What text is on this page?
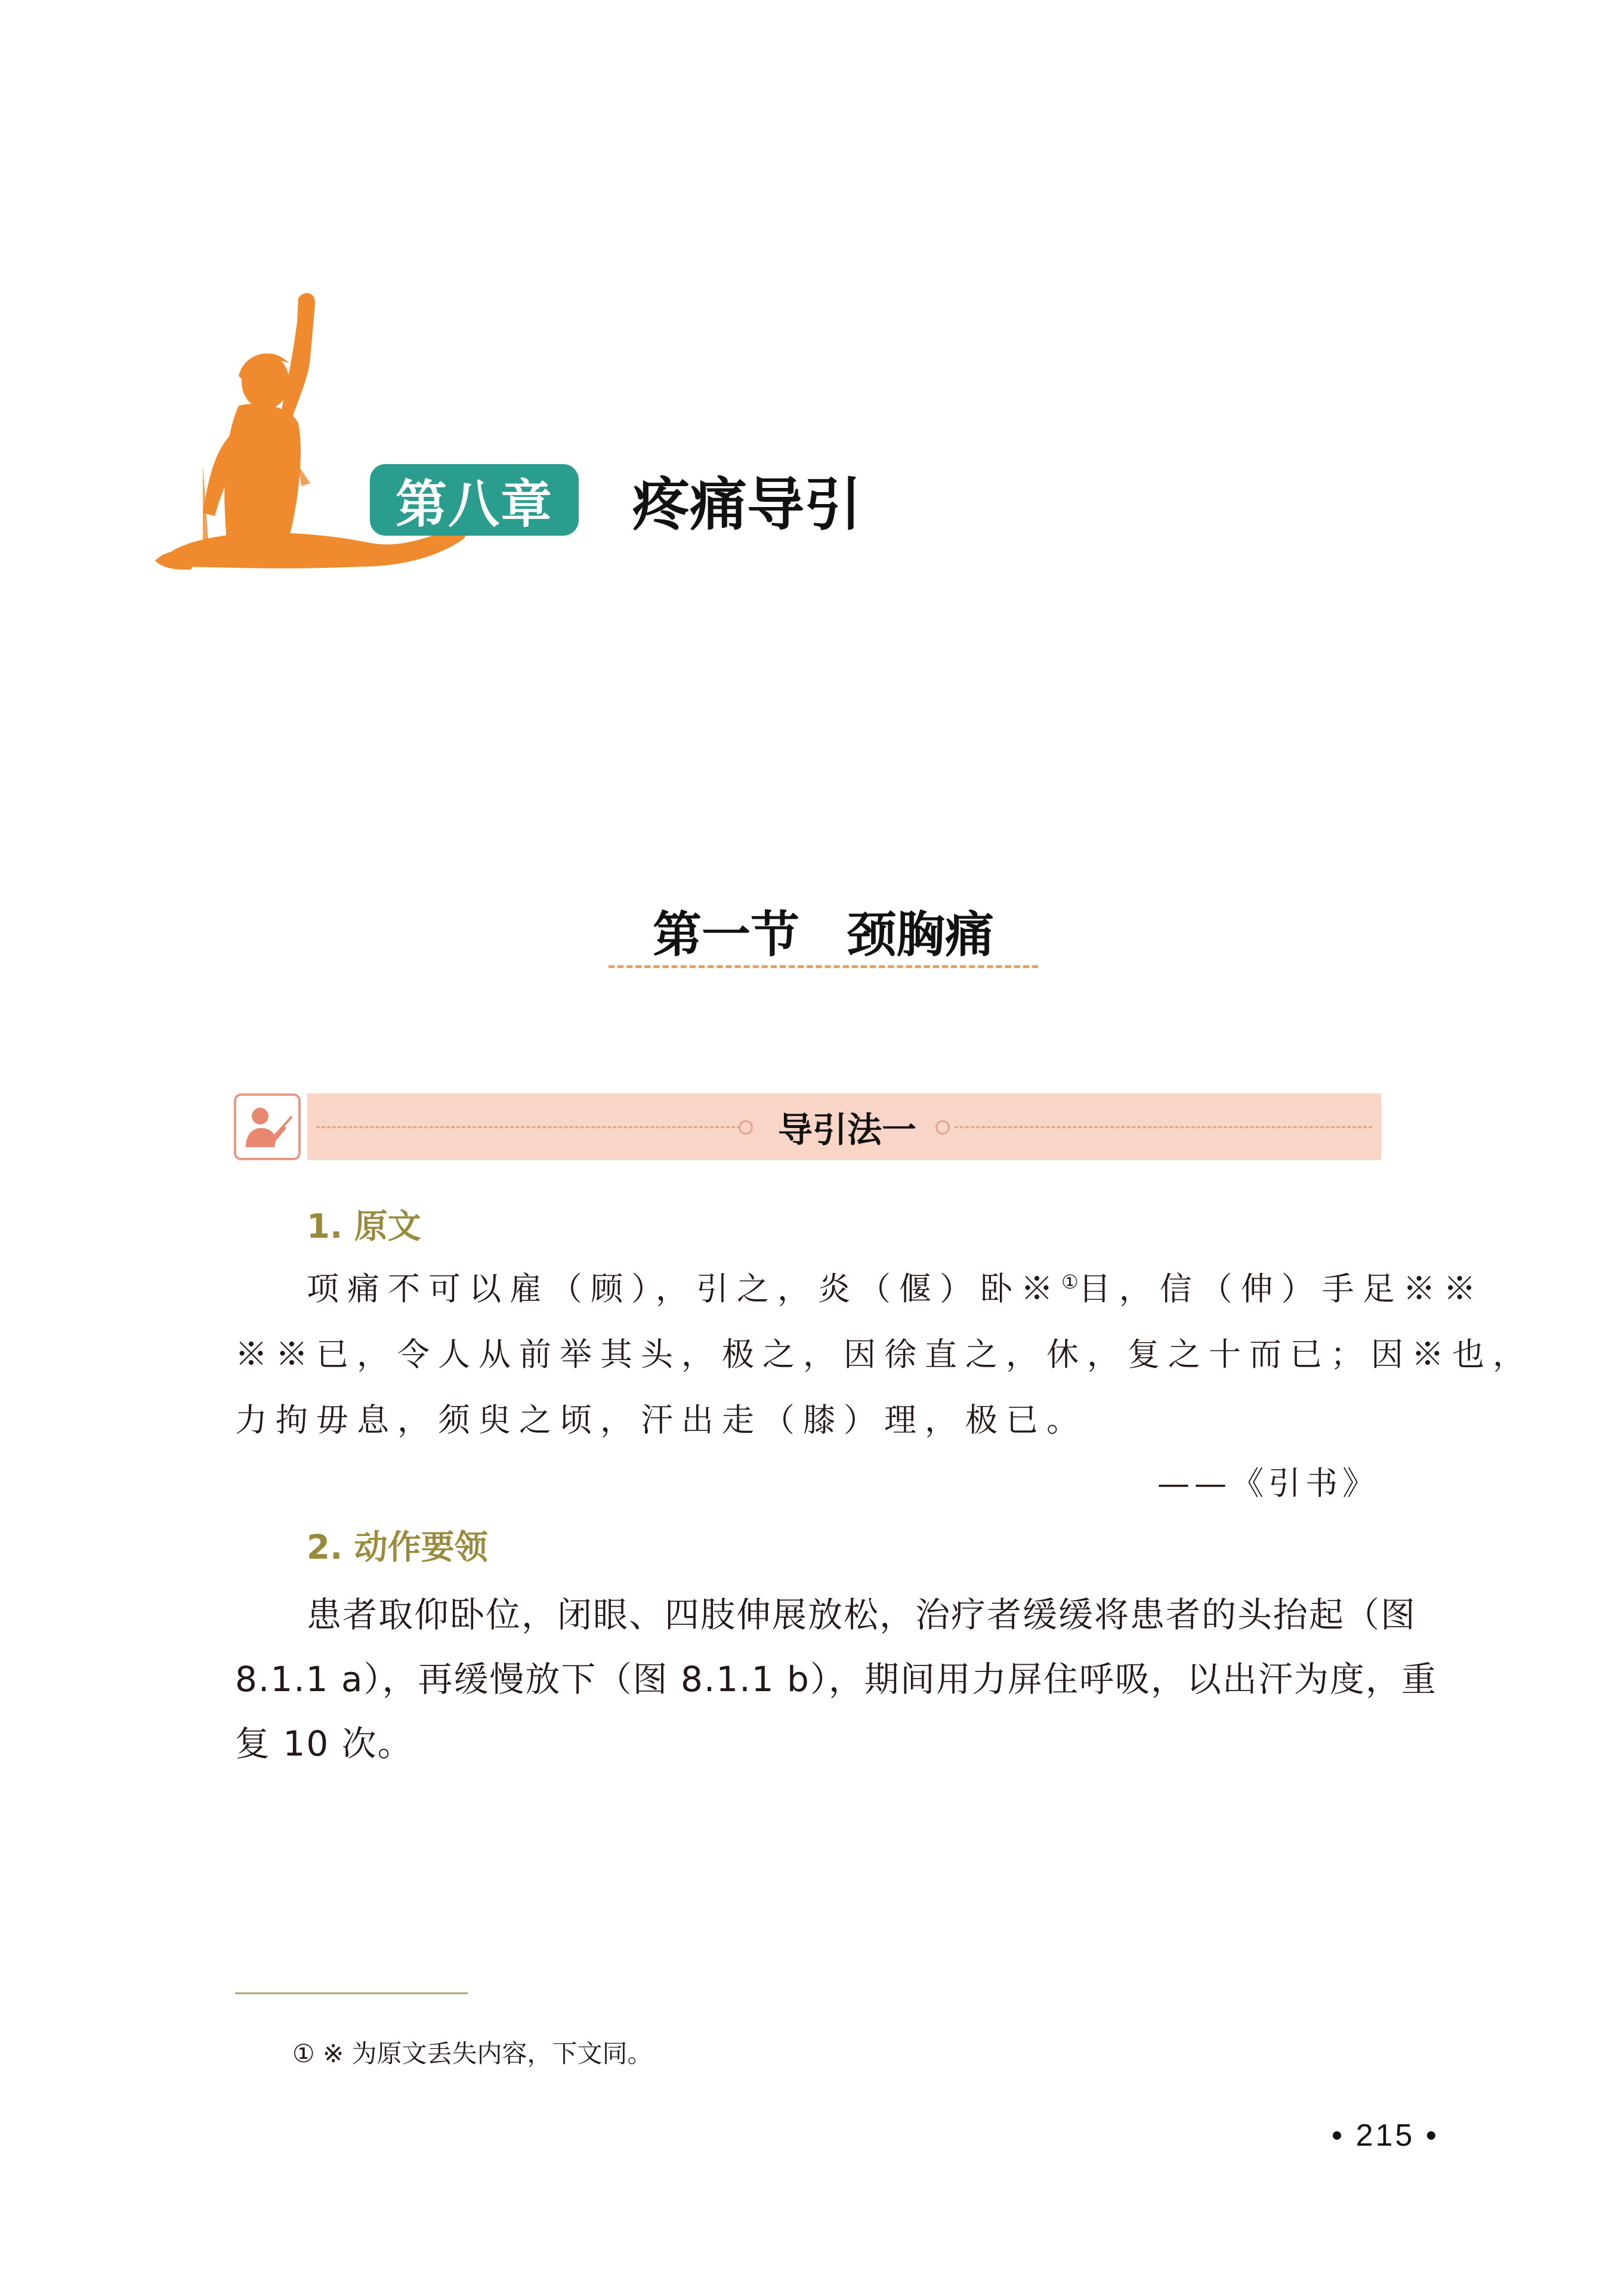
第八章	疼痛导引
第一节 颈胸痛
导引法一
1. 原文
项痛不可以雇（顾），引之，炎（偃）卧※①目，信（伸）手足※※
※※已，令人从前举其头，极之，因徐直之，休，复之十而已；因※也，
力拘毋息，须臾之顷，汗出走（膝）理，极已。
——《引书》
2. 动作要领
患者取仰卧位，闭眼、四肢伸展放松，治疗者缓缓将患者的头抬起（图
8.1.1 a），再缓慢放下（图 8.1.1 b），期间用力屏住呼吸，以出汗为度，重
复 10 次。
① ※ 为原文丢失内容，下文同。
• 215 •
